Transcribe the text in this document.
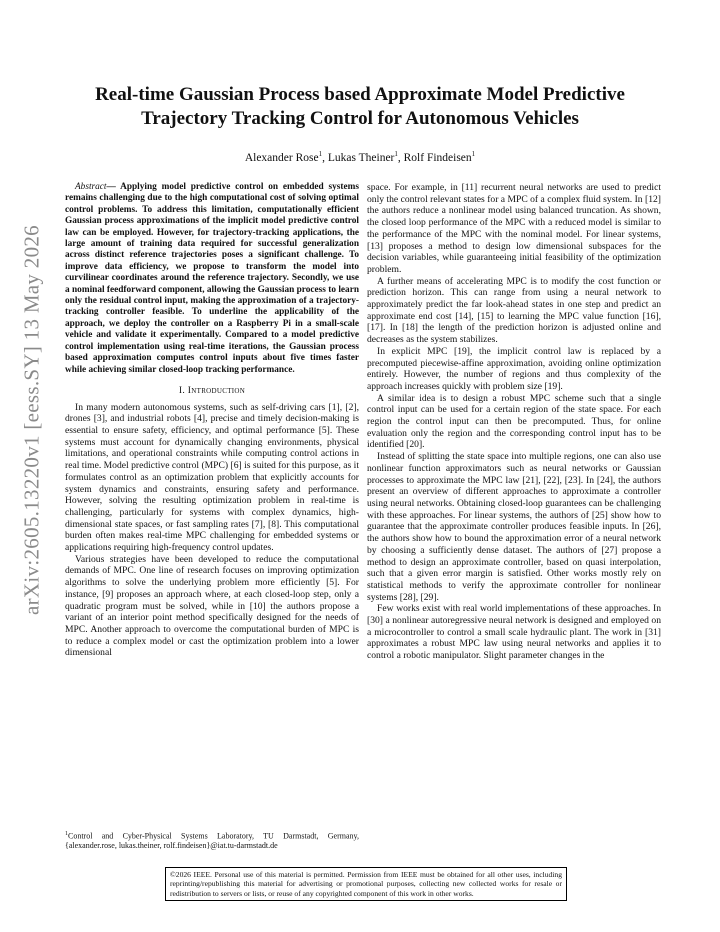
arXiv:2605.13220v1 [eess.SY] 13 May 2026
Real-time Gaussian Process based Approximate Model Predictive
Trajectory Tracking Control for Autonomous Vehicles
Alexander Rose$^1$, Lukas Theiner$^1$, Rolf Findeisen$^1$

Abstract— Applying model predictive control on embedded systems remains challenging due to the high computational cost of solving optimal control problems. To address this limitation, computationally efficient Gaussian process approximations of the implicit model predictive control law can be employed. However, for trajectory-tracking applications, the large amount of training data required for successful generalization across distinct reference trajectories poses a significant challenge. To improve data efficiency, we propose to transform the model into curvilinear coordinates around the reference trajectory. Secondly, we use a nominal feedforward component, allowing the Gaussian process to learn only the residual control input, making the approximation of a trajectory-tracking controller feasible. To underline the applicability of the approach, we deploy the controller on a Raspberry Pi in a small-scale vehicle and validate it experimentally. Compared to a model predictive control implementation using real-time iterations, the Gaussian process based approximation computes control inputs about five times faster while achieving similar closed-loop tracking performance.

I. Introduction

In many modern autonomous systems, such as self-driving cars [1], [2], drones [3], and industrial robots [4], precise and timely decision-making is essential to ensure safety, efficiency, and optimal performance [5]. These systems must account for dynamically changing environments, physical limitations, and operational constraints while computing control actions in real time. Model predictive control (MPC) [6] is suited for this purpose, as it formulates control as an optimization problem that explicitly accounts for system dynamics and constraints, ensuring safety and performance. However, solving the resulting optimization problem in real-time is challenging, particularly for systems with complex dynamics, high-dimensional state spaces, or fast sampling rates [7], [8]. This computational burden often makes real-time MPC challenging for embedded systems or applications requiring high-frequency control updates.

Various strategies have been developed to reduce the computational demands of MPC. One line of research focuses on improving optimization algorithms to solve the underlying problem more efficiently [5]. For instance, [9] proposes an approach where, at each closed-loop step, only a quadratic program must be solved, while in [10] the authors propose a variant of an interior point method specifically designed for the needs of MPC. Another approach to overcome the computational burden of MPC is to reduce a complex model or cast the optimization problem into a lower dimensional

space. For example, in [11] recurrent neural networks are used to predict only the control relevant states for a MPC of a complex fluid system. In [12] the authors reduce a nonlinear model using balanced truncation. As shown, the closed loop performance of the MPC with a reduced model is similar to the performance of the MPC with the nominal model. For linear systems, [13] proposes a method to design low dimensional subspaces for the decision variables, while guaranteeing initial feasibility of the optimization problem.

A further means of accelerating MPC is to modify the cost function or prediction horizon. This can range from using a neural network to approximately predict the far look-ahead states in one step and predict an approximate end cost [14], [15] to learning the MPC value function [16], [17]. In [18] the length of the prediction horizon is adjusted online and decreases as the system stabilizes.

In explicit MPC [19], the implicit control law is replaced by a precomputed piecewise-affine approximation, avoiding online optimization entirely. However, the number of regions and thus complexity of the approach increases quickly with problem size [19].

A similar idea is to design a robust MPC scheme such that a single control input can be used for a certain region of the state space. For each region the control input can then be precomputed. Thus, for online evaluation only the region and the corresponding control input has to be identified [20].

Instead of splitting the state space into multiple regions, one can also use nonlinear function approximators such as neural networks or Gaussian processes to approximate the MPC law [21], [22], [23]. In [24], the authors present an overview of different approaches to approximate a controller using neural networks. Obtaining closed-loop guarantees can be challenging with these approaches. For linear systems, the authors of [25] show how to guarantee that the approximate controller produces feasible inputs. In [26], the authors show how to bound the approximation error of a neural network by choosing a sufficiently dense dataset. The authors of [27] propose a method to design an approximate controller, based on quasi interpolation, such that a given error margin is satisfied. Other works mostly rely on statistical methods to verify the approximate controller for nonlinear systems [28], [29].

Few works exist with real world implementations of these approaches. In [30] a nonlinear autoregressive neural network is designed and employed on a microcontroller to control a small scale hydraulic plant. The work in [31] approximates a robust MPC law using neural networks and applies it to control a robotic manipulator. Slight parameter changes in the

$^1$Control and Cyber-Physical Systems Laboratory, TU Darmstadt, Germany, {alexander.rose, lukas.theiner, rolf.findeisen}@iat.tu-darmstadt.de
©2026 IEEE. Personal use of this material is permitted. Permission from IEEE must be obtained for all other uses, including reprinting/republishing this material for advertising or promotional purposes, collecting new collected works for resale or redistribution to servers or lists, or reuse of any copyrighted component of this work in other works.
